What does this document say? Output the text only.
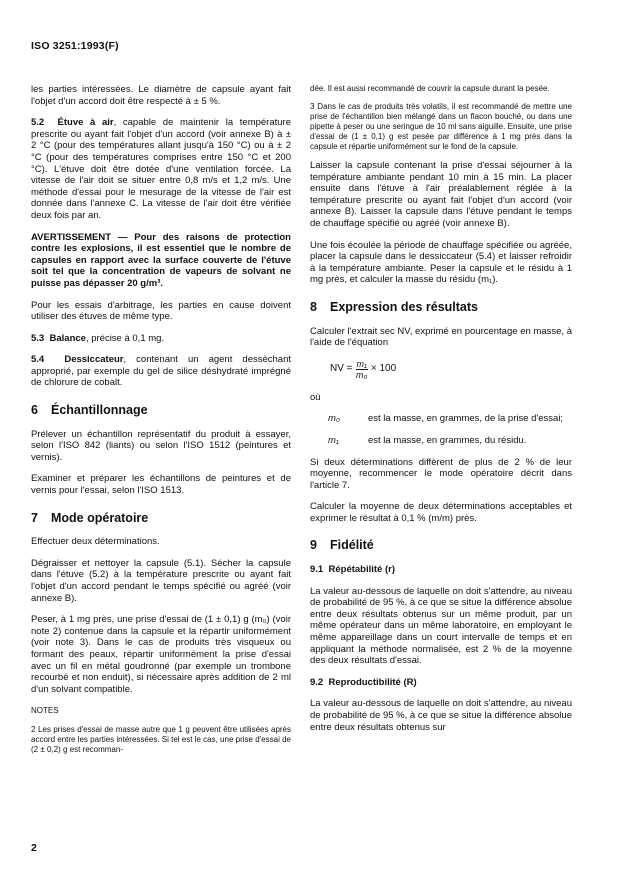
ISO 3251:1993(F)

les parties intéressées. Le diamètre de capsule ayant fait l'objet d'un accord doit être respecté à ± 5 %.

5.2 Étuve à air, capable de maintenir la température prescrite ou ayant fait l'objet d'un accord (voir annexe B) à ± 2 °C (pour des températures allant jusqu'à 150 °C) ou à ± 2 °C (pour des températures comprises entre 150 °C et 200 °C). L'étuve doit être dotée d'une ventilation forcée. La vitesse de l'air doit se situer entre 0,8 m/s et 1,2 m/s. Une méthode d'essai pour le mesurage de la vitesse de l'air est donnée dans l'annexe C. La vitesse de l'air doit être vérifiée deux fois par an.

AVERTISSEMENT — Pour des raisons de protection contre les explosions, il est essentiel que le nombre de capsules en rapport avec la surface couverte de l'étuve soit tel que la concentration de vapeurs de solvant ne puisse pas dépasser 20 g/m³.

Pour les essais d'arbitrage, les parties en cause doivent utiliser des étuves de même type.

5.3 Balance, précise à 0,1 mg.

5.4 Dessiccateur, contenant un agent dessèchant approprié, par exemple du gel de silice déshydraté imprégné de chlorure de cobalt.

6	Échantillonnage

Prélever un échantillon représentatif du produit à essayer, selon l'ISO 842 (liants) ou selon l'ISO 1512 (peintures et vernis).

Examiner et préparer les échantillons de peintures et de vernis pour l'essai, selon l'ISO 1513.

7	Mode opératoire

Effectuer deux déterminations.

Dégraisser et nettoyer la capsule (5.1). Sécher la capsule dans l'étuve (5.2) à la température prescrite ou ayant fait l'objet d'un accord pendant le temps spécifié ou agréé (voir annexe B).

Peser, à 1 mg près, une prise d'essai de (1 ± 0,1) g (m₀) (voir note 2) contenue dans la capsule et la répartir uniformément (voir note 3). Dans le cas de produits très visqueux ou formant des peaux, répartir uniformément la prise d'essai avec un fil en métal goudronné (par exemple un trombone recourbé et non enduit), si nécessaire après addition de 2 ml d'un solvant compatible.

NOTES

2 Les prises d'essai de masse autre que 1 g peuvent être utilisées après accord entre les parties intéressées. Si tel est le cas, une prise d'essai de (2 ± 0,2) g est recomman-

dée. Il est aussi recommandé de couvrir la capsule durant la pesée.

3 Dans le cas de produits très volatils, il est recommandé de mettre une prise de l'échantillon bien mélangé dans un flacon bouché, ou dans une pipette à peser ou une seringue de 10 ml sans aiguille. Ensuite, une prise d'essai de (1 ± 0,1) g est pesée par différence à 1 mg près dans la capsule et répartie uniformément sur le fond de la capsule.

Laisser la capsule contenant la prise d'essai séjourner à la température ambiante pendant 10 min à 15 min. La placer ensuite dans l'étuve à l'air préalablement réglée à la température prescrite ou ayant fait l'objet d'un accord (voir annexe B). Laisser la capsule dans l'étuve pendant le temps de chauffage spécifié ou agréé (voir annexe B).

Une fois écoulée la période de chauffage spécifiée ou agréée, placer la capsule dans le dessiccateur (5.4) et laisser refroidir à la température ambiante. Peser la capsule et le résidu à 1 mg près, et calculer la masse du résidu (m₁).

8	Expression des résultats

Calculer l'extrait sec NV, exprimé en pourcentage en masse, à l'aide de l'équation

NV = $\frac{\text{m₁}}{\text{m₀}} \times 100$

où

m₀	est la masse, en grammes, de la prise d'essai;
m₁	est la masse, en grammes, du résidu.

Si deux déterminations diffèrent de plus de 2 % de leur moyenne, recommencer le mode opératoire décrit dans l'article 7.

Calculer la moyenne de deux déterminations acceptables et exprimer le résultat à 0,1 % (m/m) près.

9	Fidélité

9.1 Répétabilité (r)

La valeur au-dessous de laquelle on doit s'attendre, au niveau de probabilité de 95 %, à ce que se situe la différence absolue entre deux résultats obtenus sur un même produit, par un même opérateur dans un même laboratoire, en employant le même appareillage dans un court intervalle de temps et en appliquant la méthode normalisée, est 2 % de la moyenne des deux résultats d'essai.

9.2 Reproductibilité (R)

La valeur au-dessous de laquelle on doit s'attendre, au niveau de probabilité de 95 %, à ce que se situe la différence absolue entre deux résultats obtenus sur

2
